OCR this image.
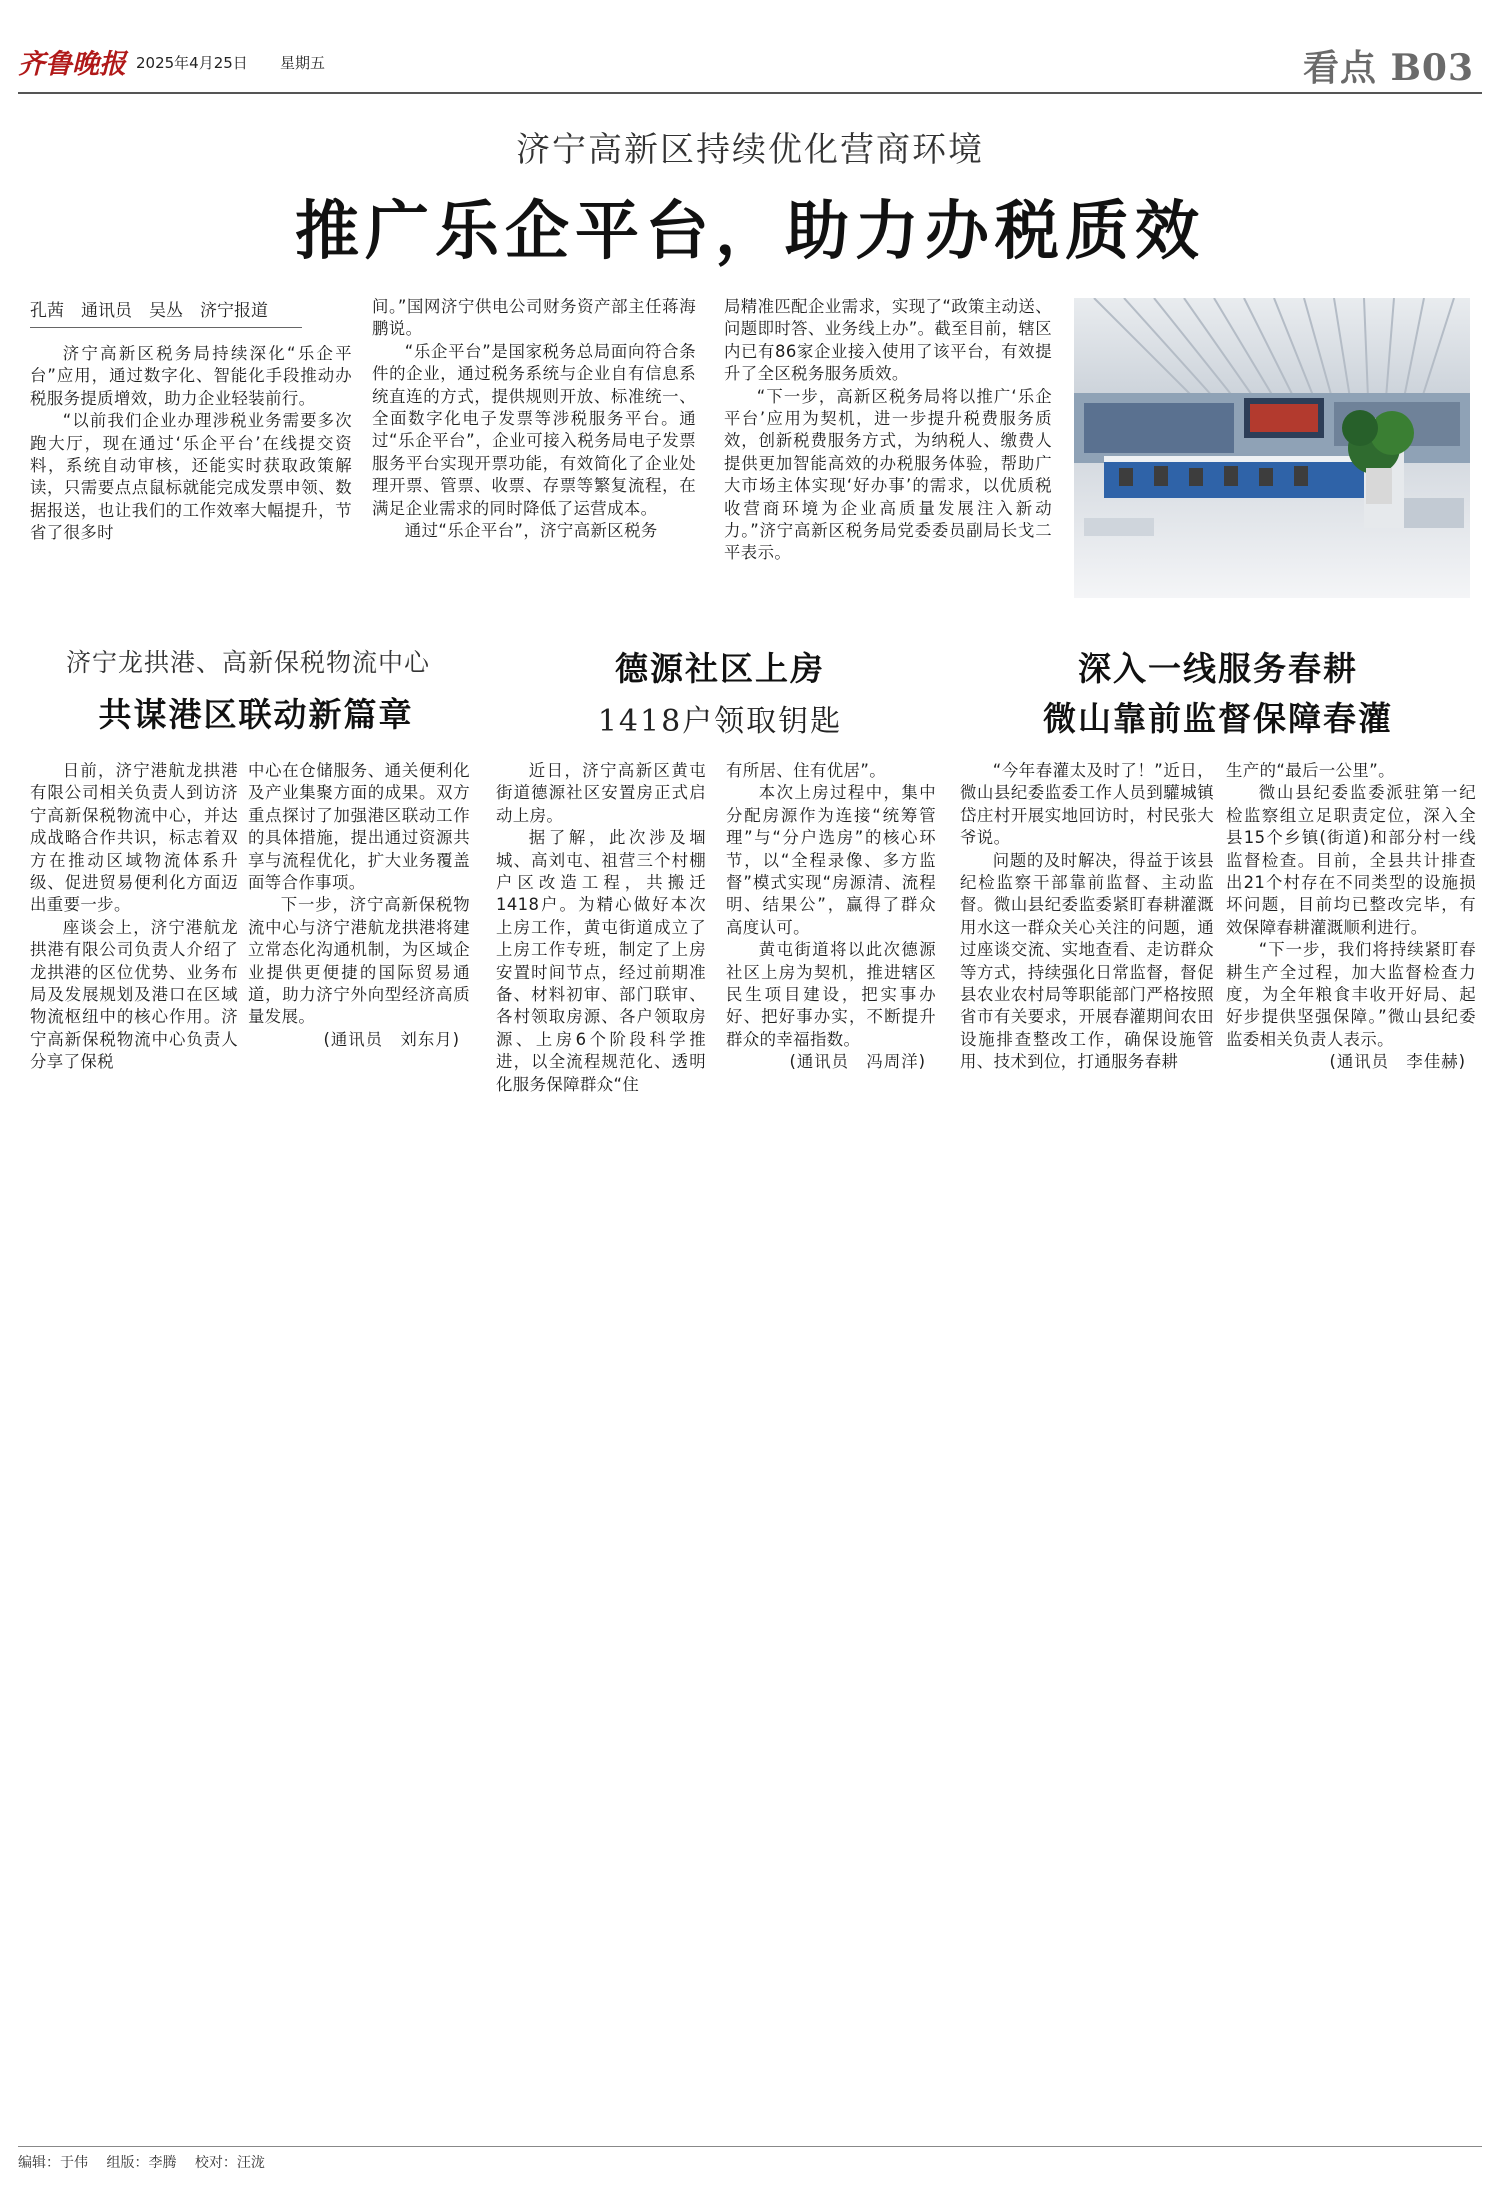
齐鲁晚报 2025年4月25日 星期五	看点 B03
济宁高新区持续优化营商环境
推广乐企平台，助力办税质效
孔茜　通讯员　吴丛　济宁报道

济宁高新区税务局持续深化“乐企平台”应用，通过数字化、智能化手段推动办税服务提质增效，助力企业轻装前行。

“以前我们企业办理涉税业务需要多次跑大厅，现在通过‘乐企平台’在线提交资料，系统自动审核，还能实时获取政策解读，只需要点点鼠标就能完成发票申领、数据报送，也让我们的工作效率大幅提升，节省了很多时

间。”国网济宁供电公司财务资产部主任蒋海鹏说。

“乐企平台”是国家税务总局面向符合条件的企业，通过税务系统与企业自有信息系统直连的方式，提供规则开放、标准统一、全面数字化电子发票等涉税服务平台。通过“乐企平台”，企业可接入税务局电子发票服务平台实现开票功能，有效简化了企业处理开票、管票、收票、存票等繁复流程，在满足企业需求的同时降低了运营成本。

通过“乐企平台”，济宁高新区税务

局精准匹配企业需求，实现了“政策主动送、问题即时答、业务线上办”。截至目前，辖区内已有86家企业接入使用了该平台，有效提升了全区税务服务质效。

“下一步，高新区税务局将以推广‘乐企平台’应用为契机，进一步提升税费服务质效，创新税费服务方式，为纳税人、缴费人提供更加智能高效的办税服务体验，帮助广大市场主体实现‘好办事’的需求，以优质税收营商环境为企业高质量发展注入新动力。”济宁高新区税务局党委委员副局长戈二平表示。

济宁龙拱港、高新保税物流中心
共谋港区联动新篇章

日前，济宁港航龙拱港有限公司相关负责人到访济宁高新保税物流中心，并达成战略合作共识，标志着双方在推动区域物流体系升级、促进贸易便利化方面迈出重要一步。

座谈会上，济宁港航龙拱港有限公司负责人介绍了龙拱港的区位优势、业务布局及发展规划及港口在区域物流枢纽中的核心作用。济宁高新保税物流中心负责人分享了保税

中心在仓储服务、通关便利化及产业集聚方面的成果。双方重点探讨了加强港区联动工作的具体措施，提出通过资源共享与流程优化，扩大业务覆盖面等合作事项。

下一步，济宁高新保税物流中心与济宁港航龙拱港将建立常态化沟通机制，为区域企业提供更便捷的国际贸易通道，助力济宁外向型经济高质量发展。

(通讯员　刘东月)

德源社区上房
1418户领取钥匙

近日，济宁高新区黄屯街道德源社区安置房正式启动上房。

据了解，此次涉及堌城、高刘屯、祖营三个村棚户区改造工程，共搬迁1418户。为精心做好本次上房工作，黄屯街道成立了上房工作专班，制定了上房安置时间节点，经过前期准备、材料初审、部门联审、各村领取房源、各户领取房源、上房6个阶段科学推进，以全流程规范化、透明化服务保障群众“住

有所居、住有优居”。

本次上房过程中，集中分配房源作为连接“统筹管理”与“分户选房”的核心环节，以“全程录像、多方监督”模式实现“房源清、流程明、结果公”，赢得了群众高度认可。

黄屯街道将以此次德源社区上房为契机，推进辖区民生项目建设，把实事办好、把好事办实，不断提升群众的幸福指数。

(通讯员　冯周洋)

深入一线服务春耕
微山靠前监督保障春灌

“今年春灌太及时了！”近日，微山县纪委监委工作人员到驩城镇岱庄村开展实地回访时，村民张大爷说。

问题的及时解决，得益于该县纪检监察干部靠前监督、主动监督。微山县纪委监委紧盯春耕灌溉用水这一群众关心关注的问题，通过座谈交流、实地查看、走访群众等方式，持续强化日常监督，督促县农业农村局等职能部门严格按照省市有关要求，开展春灌期间农田设施排查整改工作，确保设施管用、技术到位，打通服务春耕

生产的“最后一公里”。

微山县纪委监委派驻第一纪检监察组立足职责定位，深入全县15个乡镇(街道)和部分村一线监督检查。目前，全县共计排查出21个村存在不同类型的设施损坏问题，目前均已整改完毕，有效保障春耕灌溉顺利进行。

“下一步，我们将持续紧盯春耕生产全过程，加大监督检查力度，为全年粮食丰收开好局、起好步提供坚强保障。”微山县纪委监委相关负责人表示。

(通讯员　李佳赫)

编辑：于伟 组版：李腾 校对：汪泷
